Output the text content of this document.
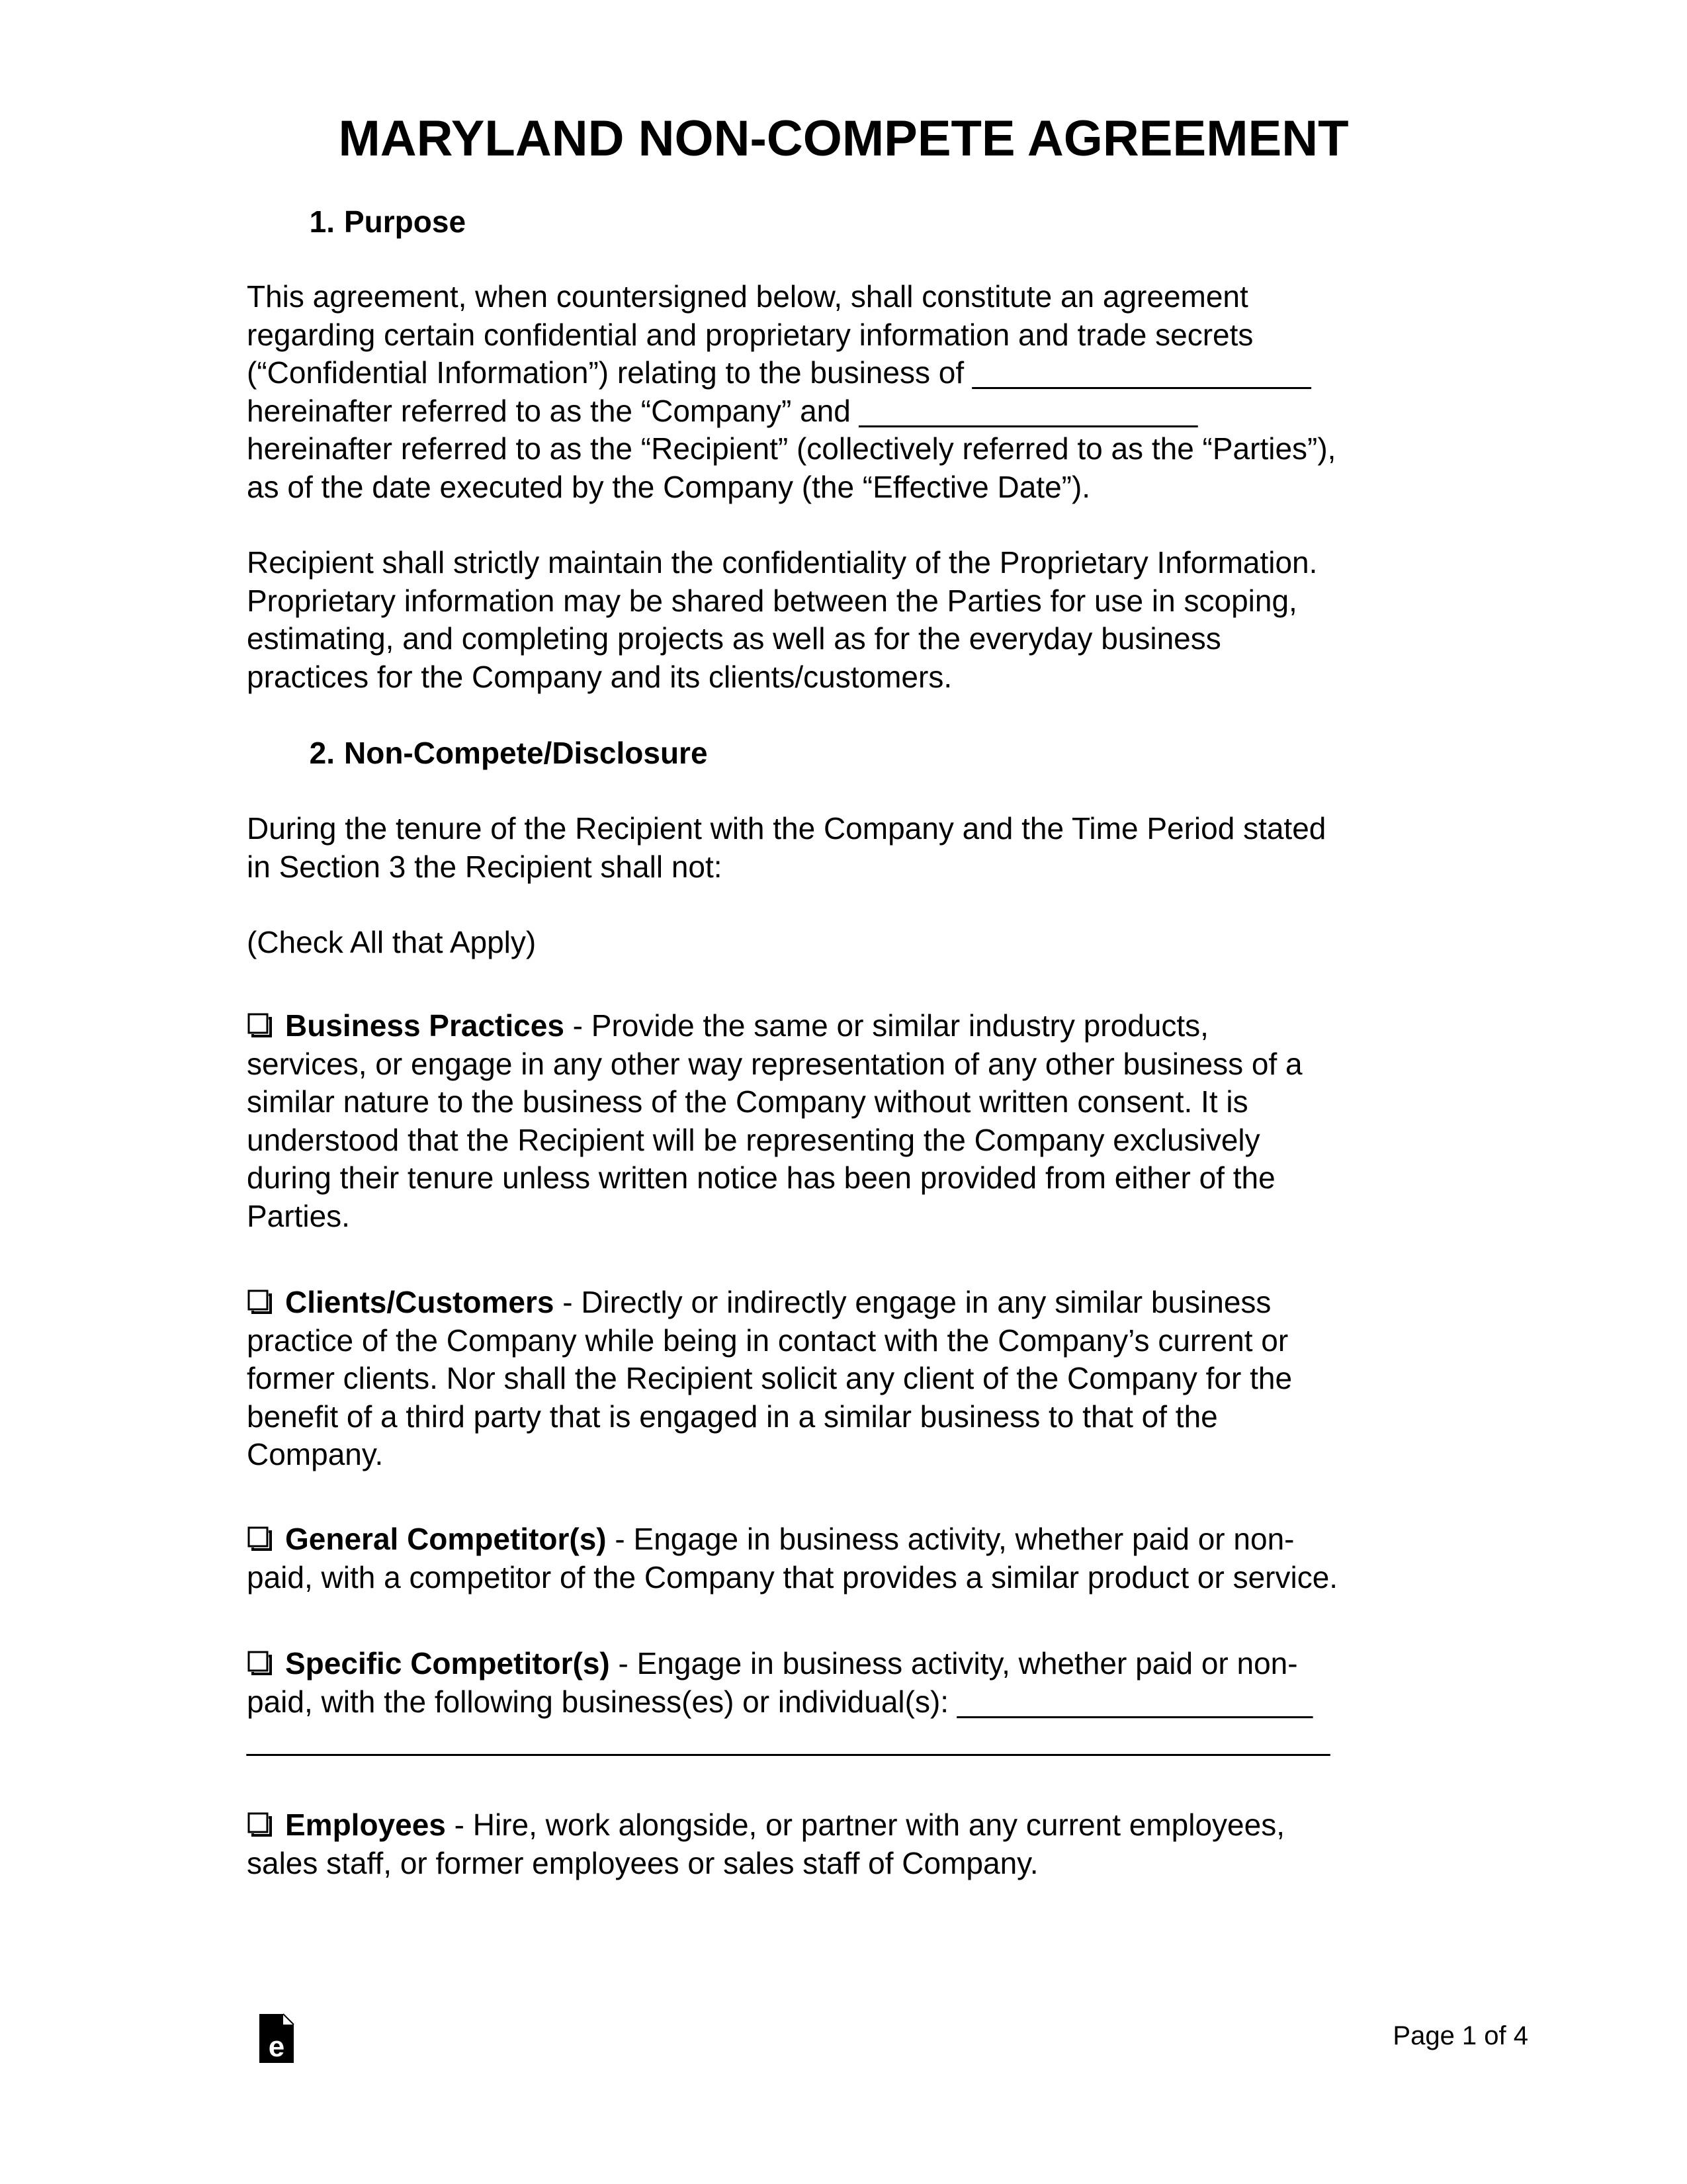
MARYLAND NON-COMPETE AGREEMENT
1. Purpose
This agreement, when countersigned below, shall constitute an agreement
regarding certain confidential and proprietary information and trade secrets
(“Confidential Information”) relating to the business of ____________________
hereinafter referred to as the “Company” and ____________________
hereinafter referred to as the “Recipient” (collectively referred to as the “Parties”),
as of the date executed by the Company (the “Effective Date”).
Recipient shall strictly maintain the confidentiality of the Proprietary Information.
Proprietary information may be shared between the Parties for use in scoping,
estimating, and completing projects as well as for the everyday business
practices for the Company and its clients/customers.
2. Non-Compete/Disclosure
During the tenure of the Recipient with the Company and the Time Period stated
in Section 3 the Recipient shall not:
(Check All that Apply)
Business Practices - Provide the same or similar industry products,
services, or engage in any other way representation of any other business of a
similar nature to the business of the Company without written consent. It is
understood that the Recipient will be representing the Company exclusively
during their tenure unless written notice has been provided from either of the
Parties.
Clients/Customers - Directly or indirectly engage in any similar business
practice of the Company while being in contact with the Company’s current or
former clients. Nor shall the Recipient solicit any client of the Company for the
benefit of a third party that is engaged in a similar business to that of the
Company.
General Competitor(s) - Engage in business activity, whether paid or non-
paid, with a competitor of the Company that provides a similar product or service.
Specific Competitor(s) - Engage in business activity, whether paid or non-
paid, with the following business(es) or individual(s): _____________________
________________________________________________________________
Employees - Hire, work alongside, or partner with any current employees,
sales staff, or former employees or sales staff of Company.
e	Page 1 of 4
